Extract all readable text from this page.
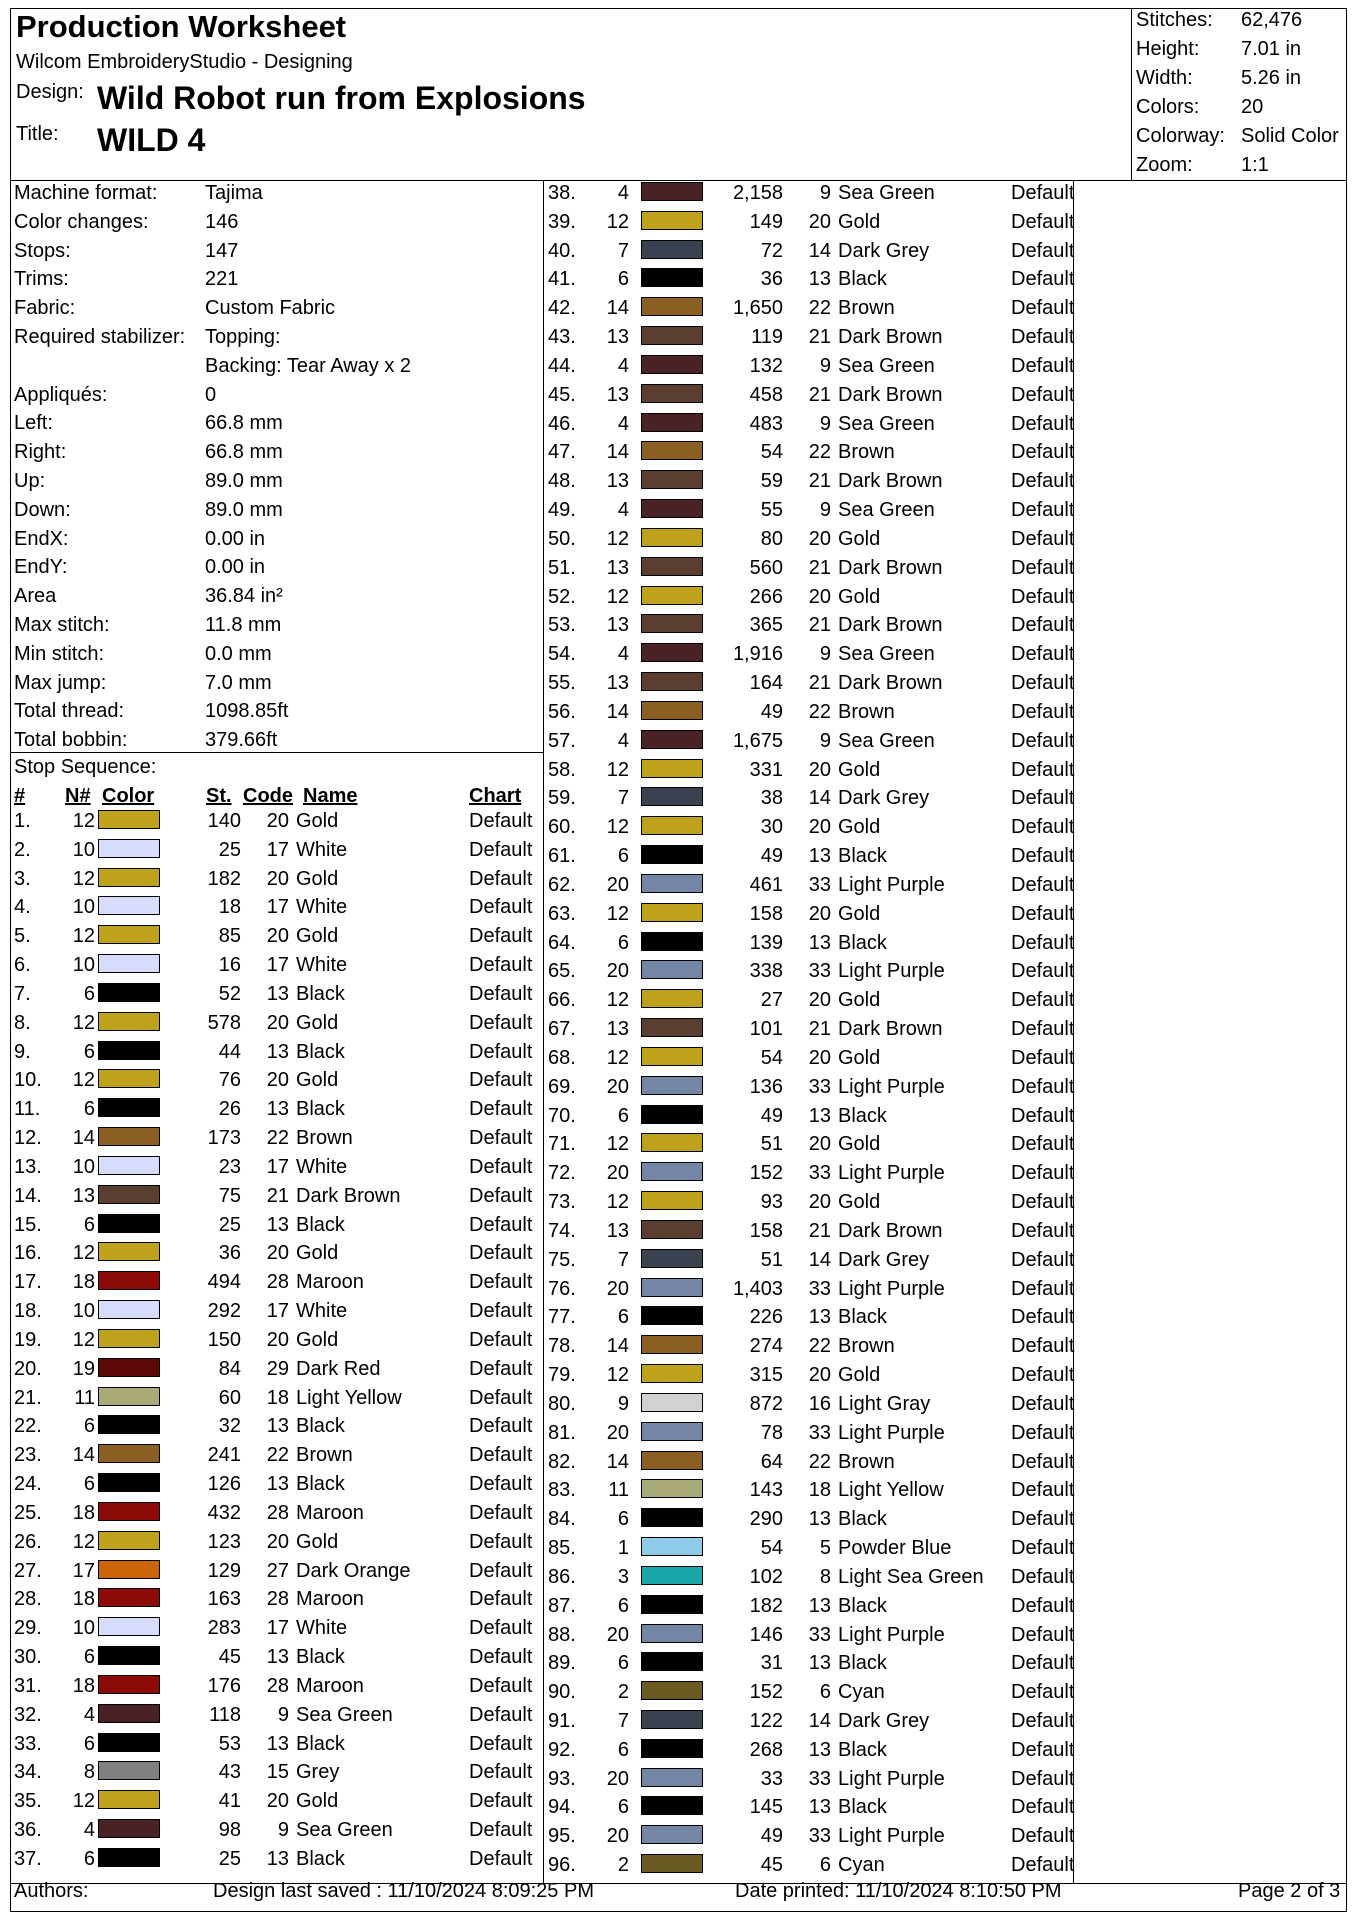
Production Worksheet
Wilcom EmbroideryStudio - Designing
Design: Wild Robot run from Explosions
Title: WILD 4
Stitches: 62,476
Height: 7.01 in
Width: 5.26 in
Colors: 20
Colorway: Solid Color
Zoom: 1:1
Machine format: Tajima
Color changes:	146
Stops:	147
Trims:	221
Fabric:	Custom Fabric
Required stabilizer: Topping:
Backing: Tear Away x 2
Appliqués:	0
Left:	66.8 mm
Right:	66.8 mm
Up:	89.0 mm
Down:	89.0 mm
EndX:	0.00 in
EndY:	0.00 in
Area	36.84 in²
Max stitch:	11.8 mm
Min stitch:	0.0 mm
Max jump:	7.0 mm
Total thread:	1098.85ft
Total bobbin:	379.66ft
Stop Sequence:
# N# Color	St. Code Name	Chart
1.	12	140	20 Gold	Default
2.	10	25	17 White	Default
3.	12	182	20 Gold	Default
4.	10	18	17 White	Default
5.	12	85	20 Gold	Default
6.	10	16	17 White	Default
7.	6	52	13 Black	Default
8.	12	578	20 Gold	Default
9.	6	44	13 Black	Default
10.	12	76	20 Gold	Default
11.	6	26	13 Black	Default
12.	14	173	22 Brown	Default
13.	10	23	17 White	Default
14.	13	75	21 Dark Brown	Default
15.	6	25	13 Black	Default
16.	12	36	20 Gold	Default
17.	18	494	28 Maroon	Default
18.	10	292	17 White	Default
19.	12	150	20 Gold	Default
20.	19	84	29 Dark Red	Default
21.	11	60	18 Light Yellow	Default
22.	6	32	13 Black	Default
23.	14	241	22 Brown	Default
24.	6	126	13 Black	Default
25.	18	432	28 Maroon	Default
26.	12	123	20 Gold	Default
27.	17	129	27 Dark Orange	Default
28.	18	163	28 Maroon	Default
29.	10	283	17 White	Default
30.	6	45	13 Black	Default
31.	18	176	28 Maroon	Default
32.	4	118	9 Sea Green	Default
33.	6	53	13 Black	Default
34.	8	43	15 Grey	Default
35.	12	41	20 Gold	Default
36.	4	98	9 Sea Green	Default
37.	6	25	13 Black	Default
38.	4	2,158	9 Sea Green	Default
39.	12	149	20 Gold	Default
40.	7	72	14 Dark Grey	Default
41.	6	36	13 Black	Default
42.	14	1,650	22 Brown	Default
43.	13	119	21 Dark Brown	Default
44.	4	132	9 Sea Green	Default
45.	13	458	21 Dark Brown	Default
46.	4	483	9 Sea Green	Default
47.	14	54	22 Brown	Default
48.	13	59	21 Dark Brown	Default
49.	4	55	9 Sea Green	Default
50.	12	80	20 Gold	Default
51.	13	560	21 Dark Brown	Default
52.	12	266	20 Gold	Default
53.	13	365	21 Dark Brown	Default
54.	4	1,916	9 Sea Green	Default
55.	13	164	21 Dark Brown	Default
56.	14	49	22 Brown	Default
57.	4	1,675	9 Sea Green	Default
58.	12	331	20 Gold	Default
59.	7	38	14 Dark Grey	Default
60.	12	30	20 Gold	Default
61.	6	49	13 Black	Default
62.	20	461	33 Light Purple	Default
63.	12	158	20 Gold	Default
64.	6	139	13 Black	Default
65.	20	338	33 Light Purple	Default
66.	12	27	20 Gold	Default
67.	13	101	21 Dark Brown	Default
68.	12	54	20 Gold	Default
69.	20	136	33 Light Purple	Default
70.	6	49	13 Black	Default
71.	12	51	20 Gold	Default
72.	20	152	33 Light Purple	Default
73.	12	93	20 Gold	Default
74.	13	158	21 Dark Brown	Default
75.	7	51	14 Dark Grey	Default
76.	20	1,403	33 Light Purple	Default
77.	6	226	13 Black	Default
78.	14	274	22 Brown	Default
79.	12	315	20 Gold	Default
80.	9	872	16 Light Gray	Default
81.	20	78	33 Light Purple	Default
82.	14	64	22 Brown	Default
83.	11	143	18 Light Yellow	Default
84.	6	290	13 Black	Default
85.	1	54	5 Powder Blue	Default
86.	3	102	8 Light Sea Green Default
87.	6	182	13 Black	Default
88.	20	146	33 Light Purple	Default
89.	6	31	13 Black	Default
90.	2	152	6 Cyan	Default
91.	7	122	14 Dark Grey	Default
92.	6	268	13 Black	Default
93.	20	33	33 Light Purple	Default
94.	6	145	13 Black	Default
95.	20	49	33 Light Purple	Default
96.	2	45	6 Cyan	Default
Authors:	Design last saved : 11/10/2024 8:09:25 PM	Date printed: 11/10/2024 8:10:50 PM	Page 2 of 3
